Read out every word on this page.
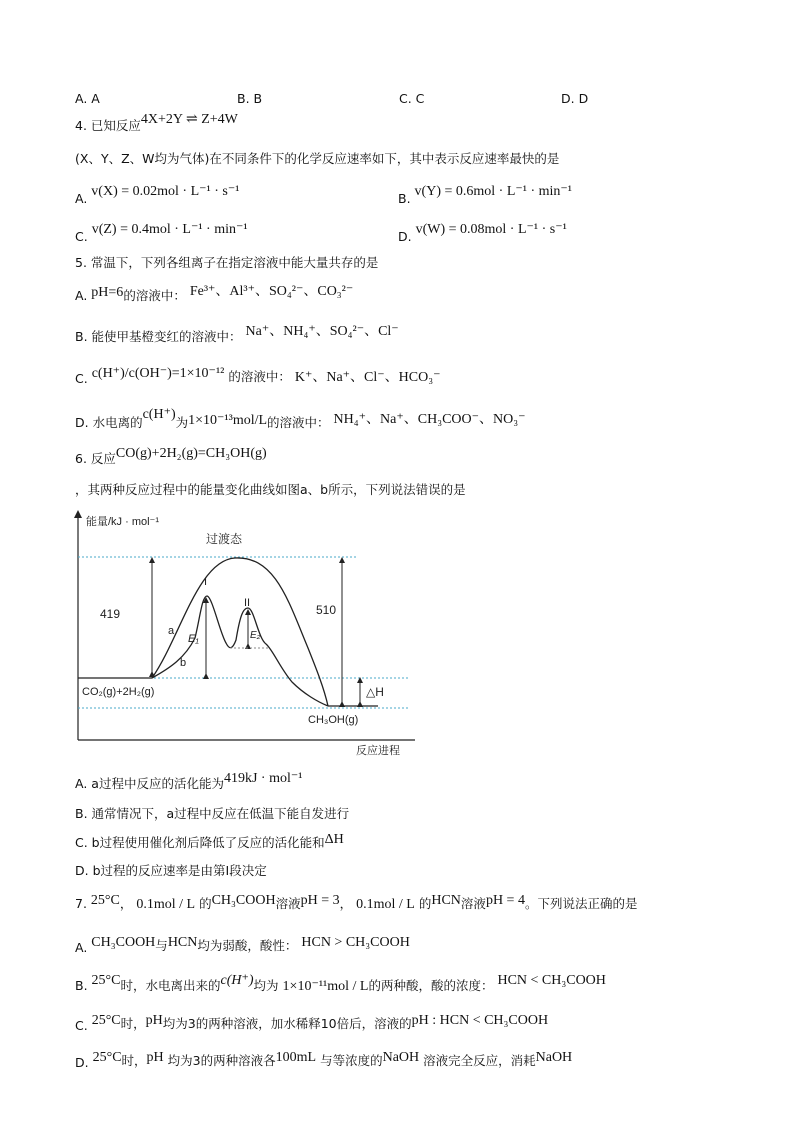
A. A	B. B	C. C	D. D
4. 已知反应4X+2Y ⇌ Z+4W
(X、Y、Z、W均为气体)在不同条件下的化学反应速率如下，其中表示反应速率最快的是
A. v(X) = 0.02mol · L⁻¹ · s⁻¹	B. v(Y) = 0.6mol · L⁻¹ · min⁻¹
C. v(Z) = 0.4mol · L⁻¹ · min⁻¹	D. v(W) = 0.08mol · L⁻¹ · s⁻¹
5. 常温下，下列各组离子在指定溶液中能大量共存的是
A. pH=6的溶液中： Fe³⁺、Al³⁺、SO₄²⁻、CO₃²⁻
B. 能使甲基橙变红的溶液中： Na⁺、NH₄⁺、SO₄²⁻、Cl⁻
C. c(H⁺)/c(OH⁻)=1×10⁻¹² 的溶液中： K⁺、Na⁺、Cl⁻、HCO₃⁻
D. 水电离的c(H⁺)为1×10⁻¹³mol/L的溶液中： NH₄⁺、Na⁺、CH₃COO⁻、NO₃⁻
6. 反应CO(g)+2H₂(g)=CH₃OH(g)
，其两种反应过程中的能量变化曲线如图a、b所示，下列说法错误的是
能量/kJ · mol⁻¹
反应进程
过渡态
419	510
I
II
a
b
E₁	E₂
CO₂(g)+2H₂(g)
CH₃OH(g)
△H
A. a过程中反应的活化能为419kJ · mol⁻¹
B. 通常情况下，a过程中反应在低温下能自发进行
C. b过程使用催化剂后降低了反应的活化能和ΔH
D. b过程的反应速率是由第Ⅰ段决定
7. 25°C， 0.1mol / L 的CH₃COOH溶液pH = 3， 0.1mol / L 的HCN溶液pH = 4。下列说法正确的是
A. CH₃COOH与HCN均为弱酸，酸性： HCN > CH₃COOH
B. 25°C时，水电离出来的c(H⁺)均为 1×10⁻¹¹mol / L的两种酸，酸的浓度： HCN < CH₃COOH
C. 25°C时，pH均为3的两种溶液，加水稀释10倍后，溶液的pH : HCN < CH₃COOH
D. 25°C时，pH 均为3的两种溶液各100mL 与等浓度的NaOH 溶液完全反应，消耗NaOH
